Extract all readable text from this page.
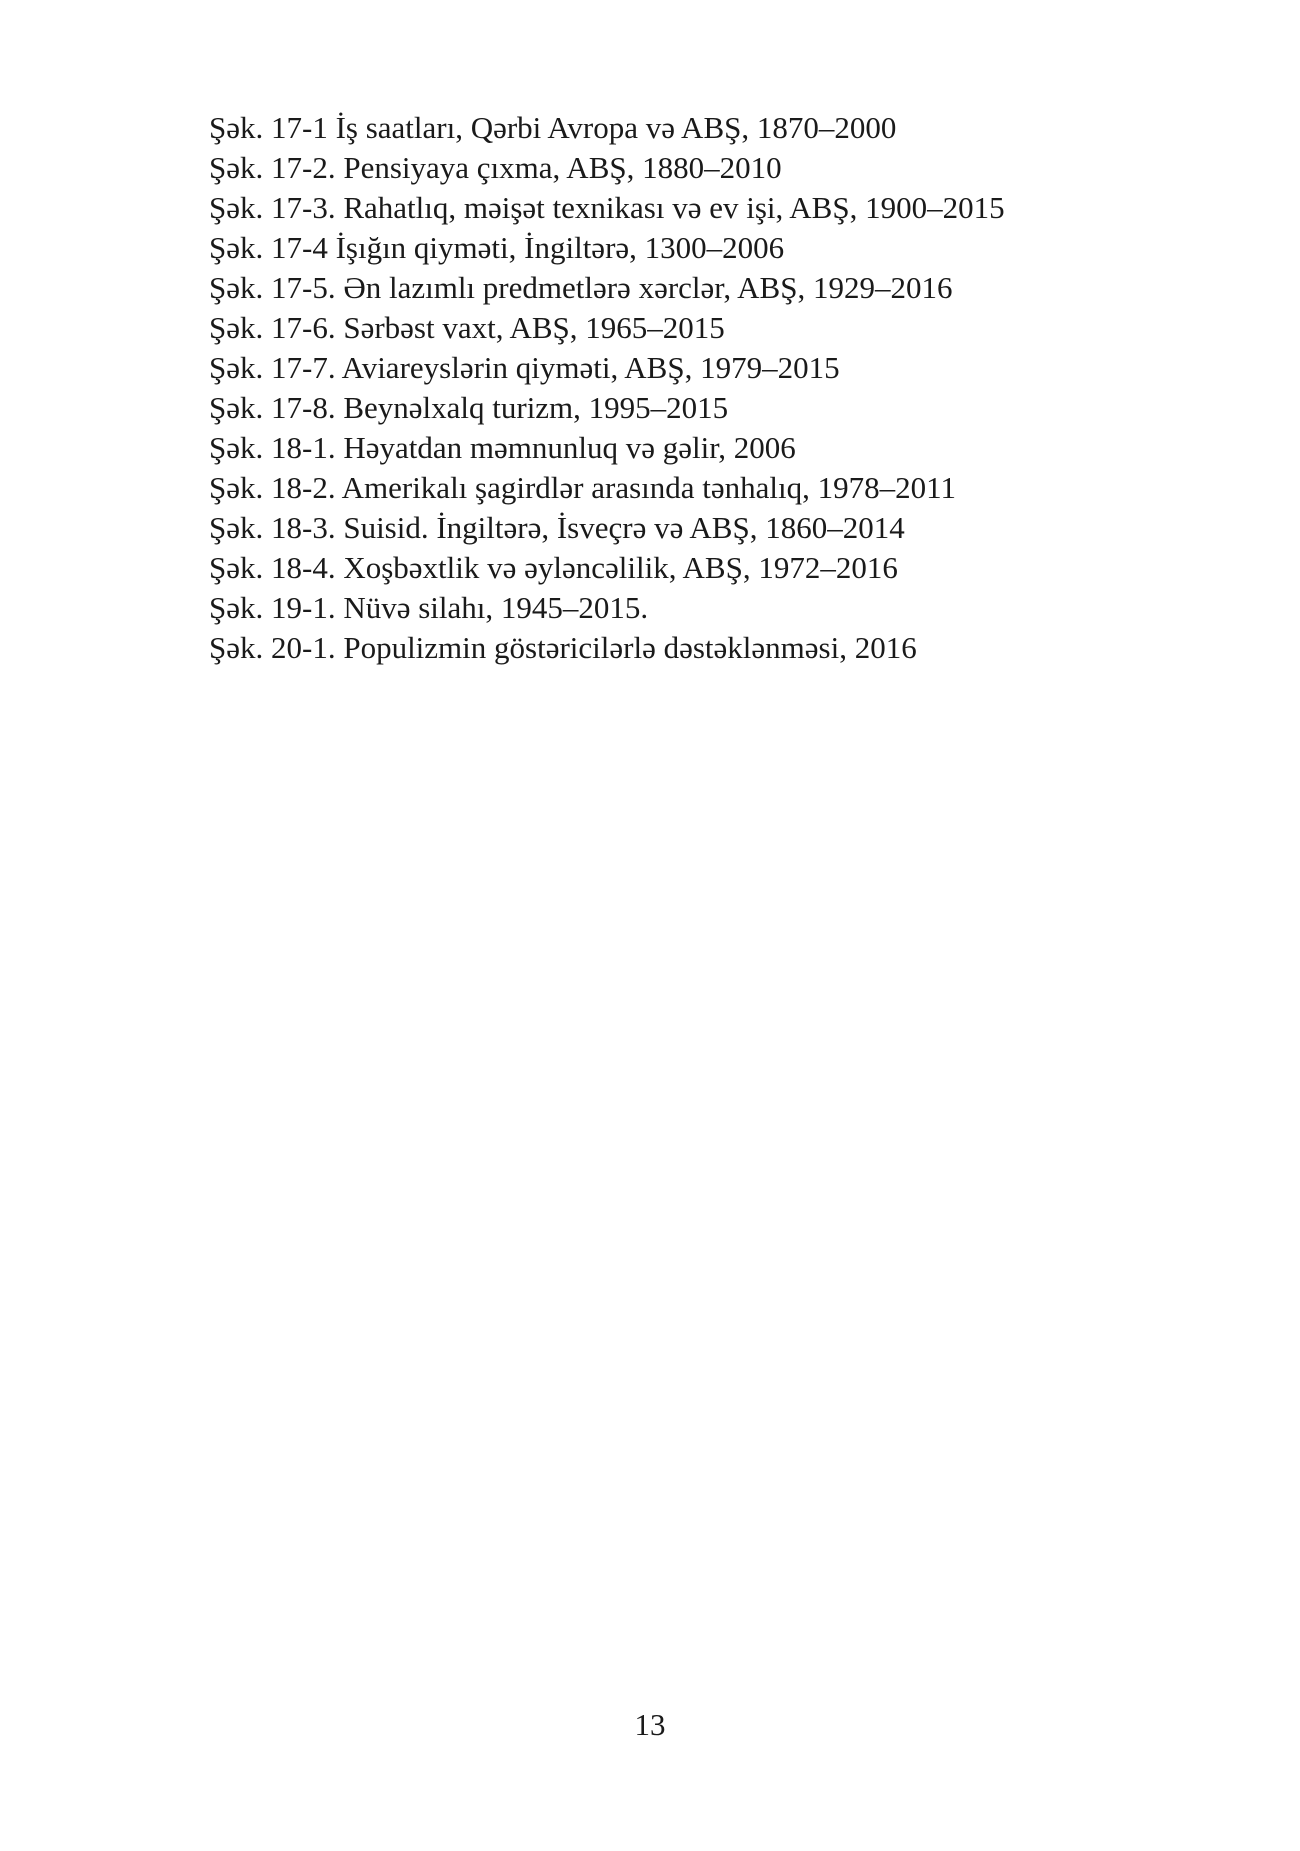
Şək. 17-1 İş saatları, Qərbi Avropa və ABŞ, 1870–2000
Şək. 17-2. Pensiyaya çıxma, ABŞ, 1880–2010
Şək. 17-3. Rahatlıq, məişət texnikası və ev işi, ABŞ, 1900–2015
Şək. 17-4 İşığın qiyməti, İngiltərə, 1300–2006
Şək. 17-5. Ən lazımlı predmetlərə xərclər, ABŞ, 1929–2016
Şək. 17-6. Sərbəst vaxt, ABŞ, 1965–2015
Şək. 17-7. Aviareyslərin qiyməti, ABŞ, 1979–2015
Şək. 17-8. Beynəlxalq turizm, 1995–2015
Şək. 18-1. Həyatdan məmnunluq və gəlir, 2006
Şək. 18-2. Amerikalı şagirdlər arasında tənhalıq, 1978–2011
Şək. 18-3. Suisid. İngiltərə, İsveçrə və ABŞ, 1860–2014
Şək. 18-4. Xoşbəxtlik və əyləncəlilik, ABŞ, 1972–2016
Şək. 19-1. Nüvə silahı, 1945–2015.
Şək. 20-1. Populizmin göstəricilərlə dəstəklənməsi, 2016
13
